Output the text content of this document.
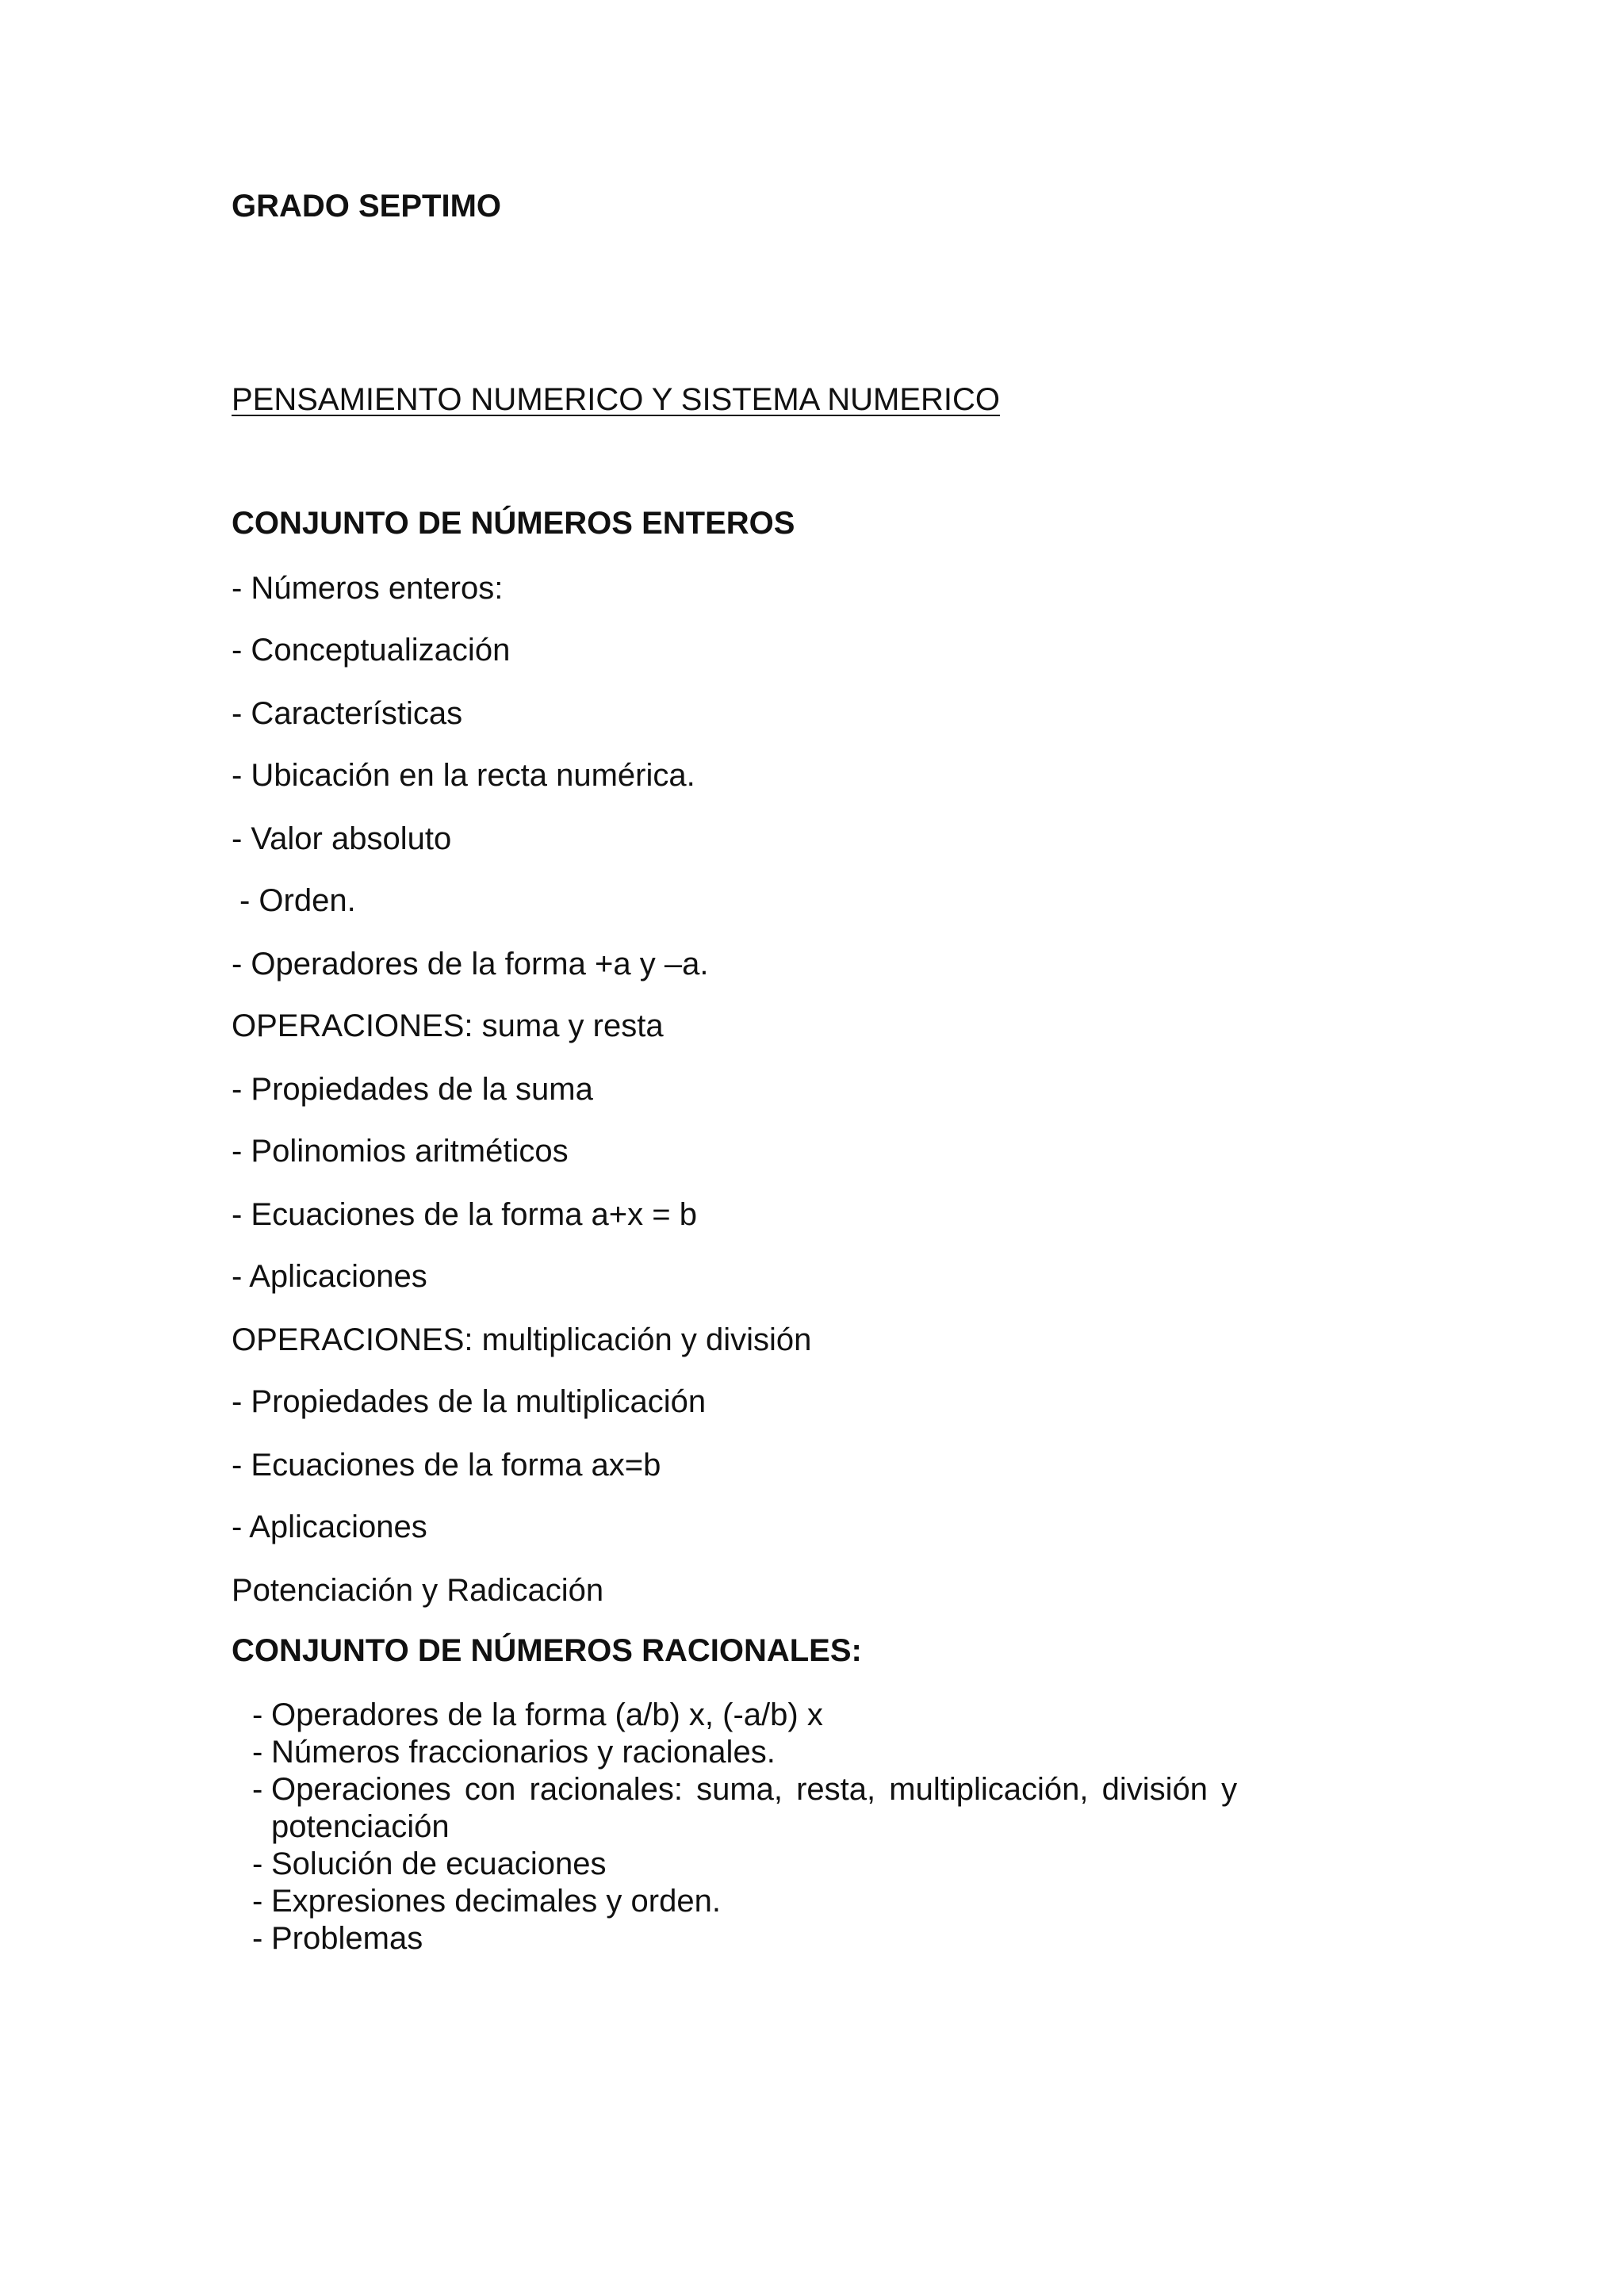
GRADO SEPTIMO
PENSAMIENTO NUMERICO Y SISTEMA NUMERICO
CONJUNTO DE NÚMEROS ENTEROS
- Números enteros:
- Conceptualización
- Características
- Ubicación en la recta numérica.
- Valor absoluto
- Orden.
- Operadores de la forma +a y –a.
OPERACIONES: suma y resta
- Propiedades de la suma
- Polinomios aritméticos
- Ecuaciones de la forma a+x = b
- Aplicaciones
OPERACIONES: multiplicación y división
- Propiedades de la multiplicación
- Ecuaciones de la forma ax=b
- Aplicaciones
Potenciación y Radicación
CONJUNTO DE NÚMEROS RACIONALES:
- Operadores de la forma (a/b) x, (-a/b) x
- Números fraccionarios y racionales.
- Operaciones con racionales: suma, resta, multiplicación, división y potenciación
- Solución de ecuaciones
- Expresiones decimales y orden.
- Problemas
